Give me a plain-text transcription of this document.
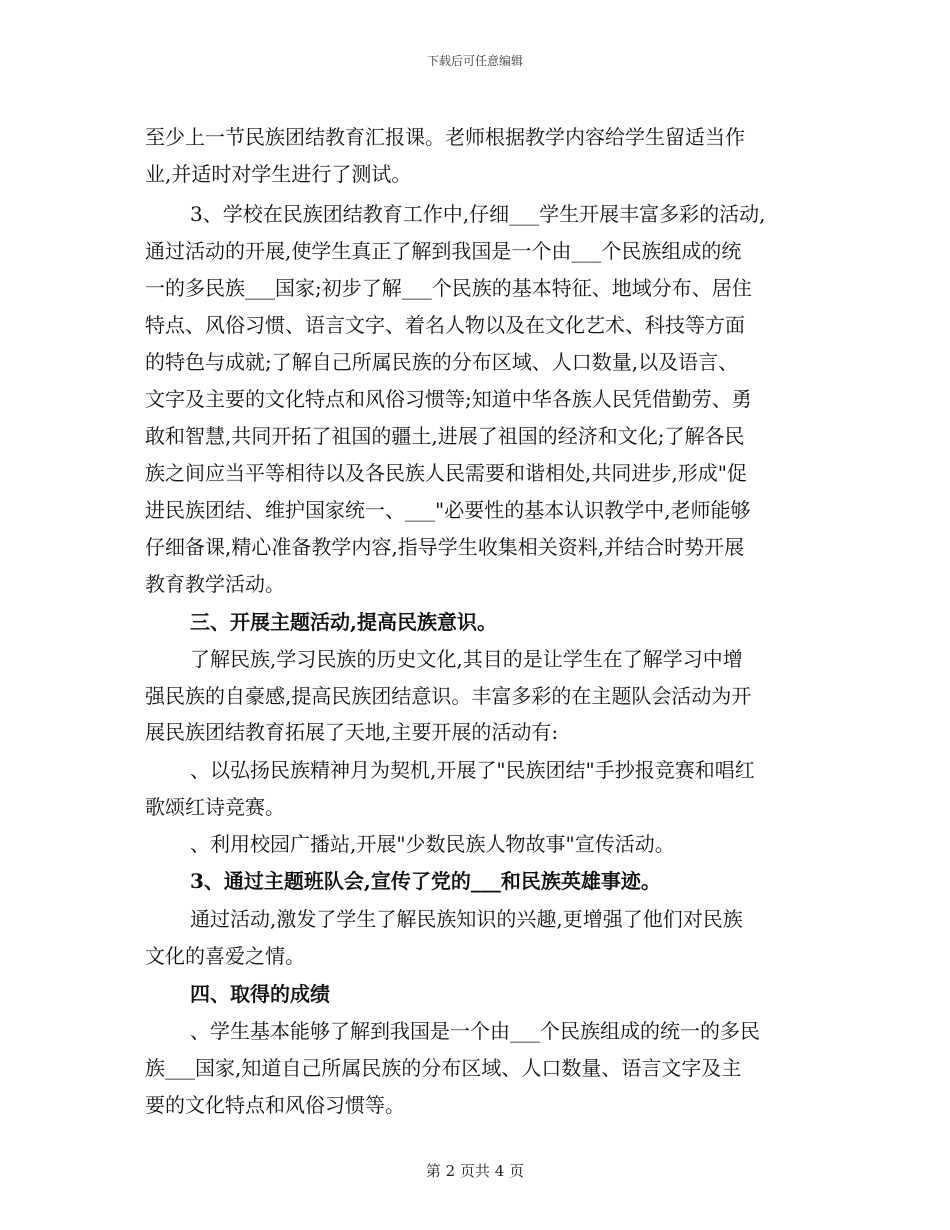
下载后可任意编辑
至少上一节民族团结教育汇报课。老师根据教学内容给学生留适当作
业,并适时对学生进行了测试。
3、学校在民族团结教育工作中,仔细___学生开展丰富多彩的活动,
通过活动的开展,使学生真正了解到我国是一个由___个民族组成的统
一的多民族___国家;初步了解___个民族的基本特征、地域分布、居住
特点、风俗习惯、语言文字、着名人物以及在文化艺术、科技等方面
的特色与成就;了解自己所属民族的分布区域、人口数量,以及语言、
文字及主要的文化特点和风俗习惯等;知道中华各族人民凭借勤劳、勇
敢和智慧,共同开拓了祖国的疆土,进展了祖国的经济和文化;了解各民
族之间应当平等相待以及各民族人民需要和谐相处,共同进步,形成"促
进民族团结、维护国家统一、___"必要性的基本认识教学中,老师能够
仔细备课,精心准备教学内容,指导学生收集相关资料,并结合时势开展
教育教学活动。
三、开展主题活动,提高民族意识。
了解民族,学习民族的历史文化,其目的是让学生在了解学习中增
强民族的自豪感,提高民族团结意识。丰富多彩的在主题队会活动为开
展民族团结教育拓展了天地,主要开展的活动有:
、以弘扬民族精神月为契机,开展了"民族团结"手抄报竞赛和唱红
歌颂红诗竞赛。
、利用校园广播站,开展"少数民族人物故事"宣传活动。
3、通过主题班队会,宣传了党的___和民族英雄事迹。
通过活动,激发了学生了解民族知识的兴趣,更增强了他们对民族
文化的喜爱之情。
四、取得的成绩
、学生基本能够了解到我国是一个由___个民族组成的统一的多民
族___国家,知道自己所属民族的分布区域、人口数量、语言文字及主
要的文化特点和风俗习惯等。
第 2 页共 4 页
